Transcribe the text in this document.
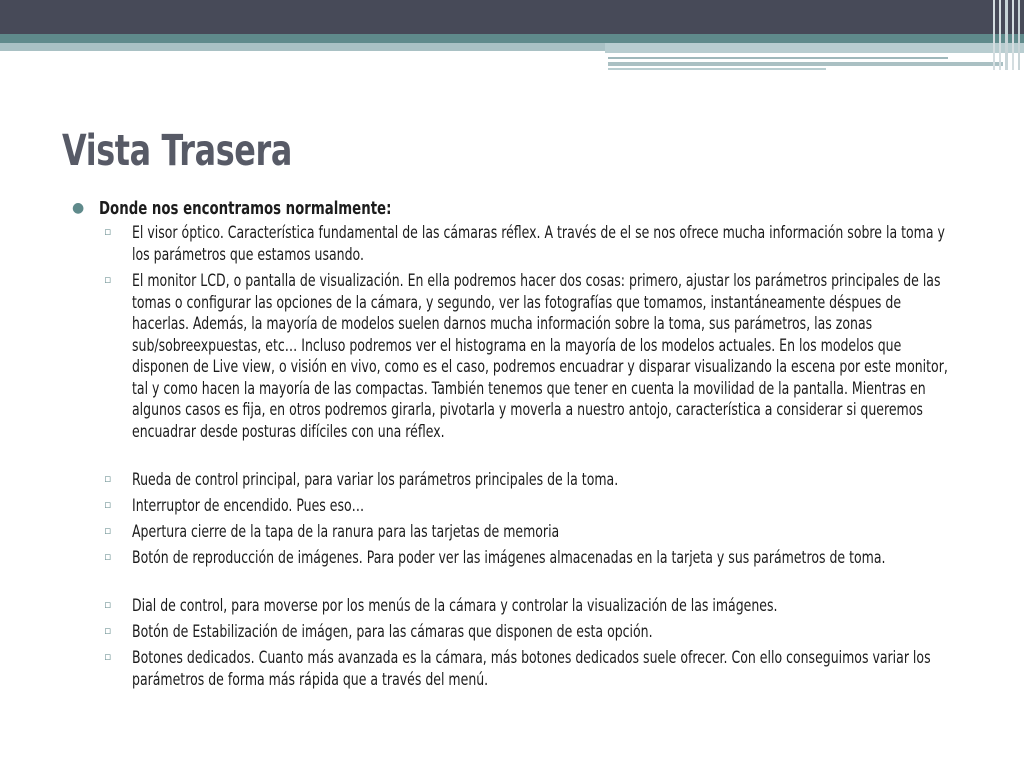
Vista Trasera
● Donde nos encontramos normalmente:
▫ El visor óptico. Característica fundamental de las cámaras réflex. A través de el se nos ofrece mucha información sobre la toma y los parámetros que estamos usando.
▫ El monitor LCD, o pantalla de visualización. En ella podremos hacer dos cosas: primero, ajustar los parámetros principales de las tomas o configurar las opciones de la cámara, y segundo, ver las fotografías que tomamos, instantáneamente déspues de hacerlas. Además, la mayoría de modelos suelen darnos mucha información sobre la toma, sus parámetros, las zonas sub/sobreexpuestas, etc… Incluso podremos ver el histograma en la mayoría de los modelos actuales. En los modelos que disponen de Live view, o visión en vivo, como es el caso, podremos encuadrar y disparar visualizando la escena por este monitor, tal y como hacen la mayoría de las compactas. También tenemos que tener en cuenta la movilidad de la pantalla. Mientras en algunos casos es fija, en otros podremos girarla, pivotarla y moverla a nuestro antojo, característica a considerar si queremos encuadrar desde posturas difíciles con una réflex.
▫ Rueda de control principal, para variar los parámetros principales de la toma.
▫ Interruptor de encendido. Pues eso…
▫ Apertura cierre de la tapa de la ranura para las tarjetas de memoria
▫ Botón de reproducción de imágenes. Para poder ver las imágenes almacenadas en la tarjeta y sus parámetros de toma.
▫ Dial de control, para moverse por los menús de la cámara y controlar la visualización de las imágenes.
▫ Botón de Estabilización de imágen, para las cámaras que disponen de esta opción.
▫ Botones dedicados. Cuanto más avanzada es la cámara, más botones dedicados suele ofrecer. Con ello conseguimos variar los parámetros de forma más rápida que a través del menú.
